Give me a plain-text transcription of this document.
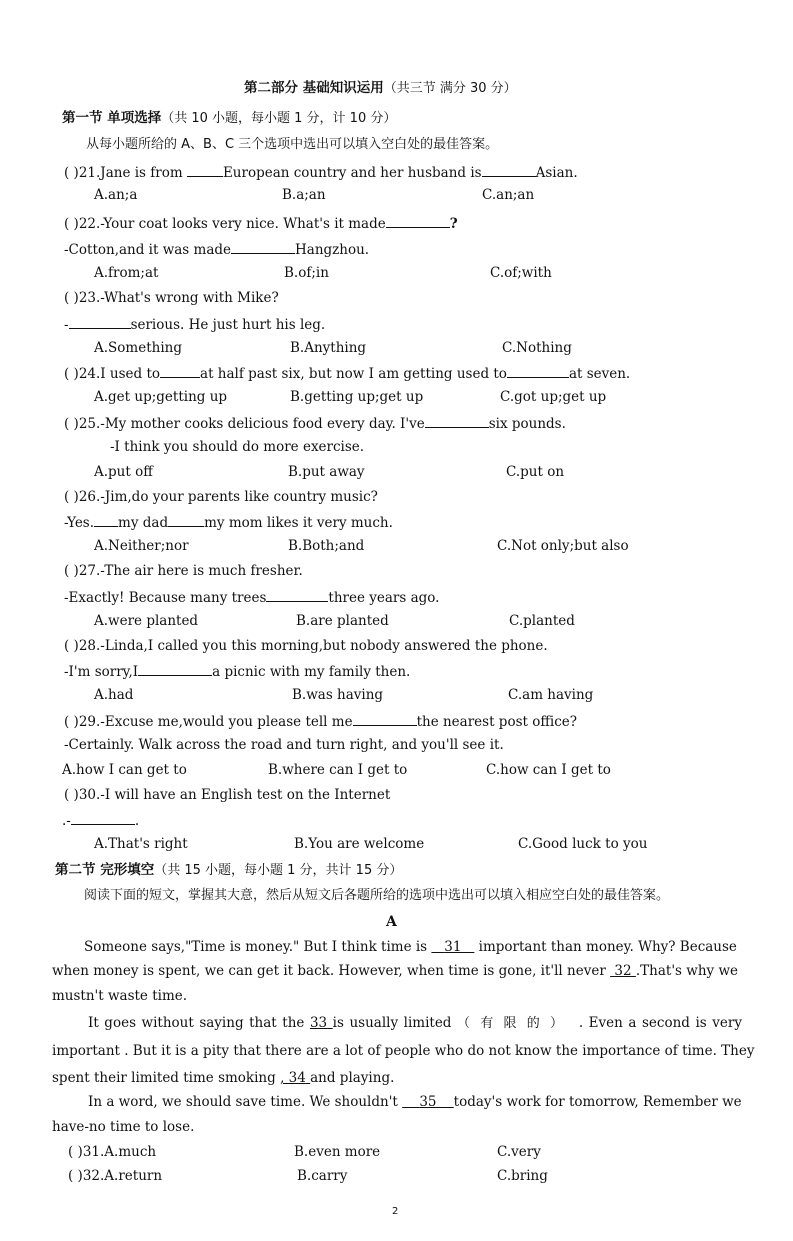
第二部分 基础知识运用（共三节 满分 30 分）
第一节 单项选择（共 10 小题，每小题 1 分，计 10 分）
从每小题所给的 A、B、C 三个选项中选出可以填入空白处的最佳答案。
( )21.Jane is from	European country and her husband is	Asian.
A.an;a	B.a;an	C.an;an
( )22.-Your coat looks very nice. What's it made	?
-Cotton,and it was made	Hangzhou.
A.from;at	B.of;in	C.of;with
( )23.-What's wrong with Mike?
-	serious. He just hurt his leg.
A.Something	B.Anything	C.Nothing
( )24.I used to	at half past six, but now I am getting used to	at seven.
A.get up;getting up	B.getting up;get up	C.got up;get up
( )25.-My mother cooks delicious food every day. I've	six pounds.
-I think you should do more exercise.
A.put off	B.put away	C.put on
( )26.-Jim,do your parents like country music?
-Yes. my dad	my mom likes it very much.
A.Neither;nor	B.Both;and	C.Not only;but also
( )27.-The air here is much fresher.
-Exactly! Because many trees	three years ago.
A.were planted	B.are planted	C.planted
( )28.-Linda,I called you this morning,but nobody answered the phone.
-I'm sorry,I	a picnic with my family then.
A.had	B.was having	C.am having
( )29.-Excuse me,would you please tell me	the nearest post office?
-Certainly. Walk across the road and turn right, and you'll see it.
A.how I can get to	B.where can I get to	C.how can I get to
( )30.-I will have an English test on the Internet
.-	.
A.That's right	B.You are welcome	C.Good luck to you
第二节 完形填空（共 15 小题，每小题 1 分，共计 15 分）
阅读下面的短文，掌握其大意，然后从短文后各题所给的选项中选出可以填入相应空白处的最佳答案。
A
Someone says,"Time is money." But I think time is 31 important than money. Why? Because
when money is spent, we can get it back. However, when time is gone, it'll never 32 .That's why we
mustn't waste time.
It goes without saying that the 33 is usually limited （有限的） . Even a second is very
important . But it is a pity that there are a lot of people who do not know the importance of time. They
spent their limited time smoking , 34 and playing.
In a word, we should save time. We shouldn't 35 today's work for tomorrow, Remember we
have-no time to lose.
( )31.A.much	B.even more	C.very
( )32.A.return	B.carry	C.bring
2
